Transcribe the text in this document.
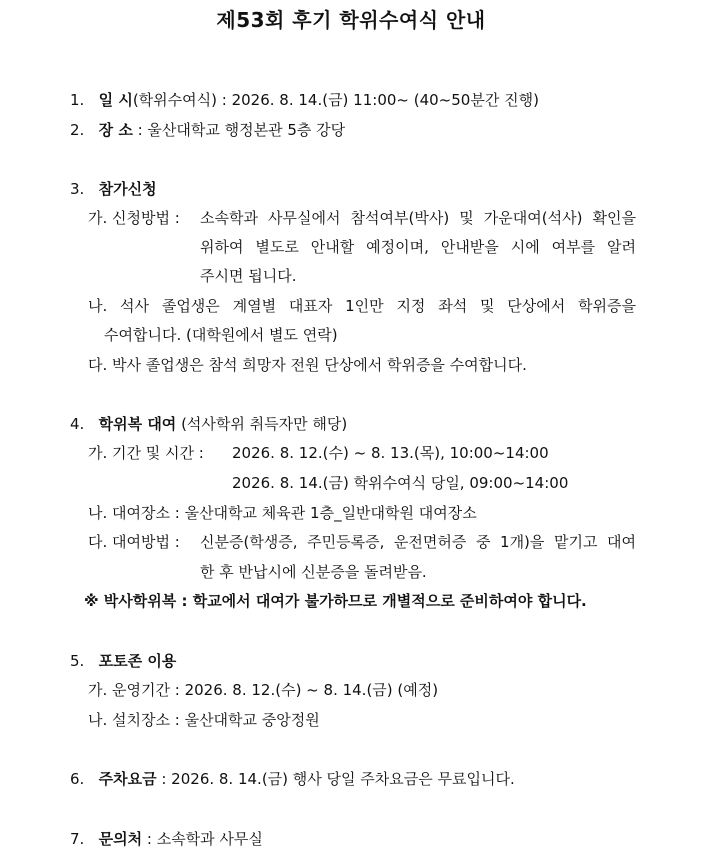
제53회 후기 학위수여식 안내
1. 일 시(학위수여식) : 2026. 8. 14.(금) 11:00~ (40~50분간 진행)
2. 장 소 : 울산대학교 행정본관 5층 강당
3. 참가신청
가. 신청방법 : 소속학과 사무실에서 참석여부(박사) 및 가운대여(석사) 확인을
위하여 별도로 안내할 예정이며, 안내받을 시에 여부를 알려
주시면 됩니다.
나. 석사 졸업생은 계열별 대표자 1인만 지정 좌석 및 단상에서 학위증을
수여합니다. (대학원에서 별도 연락)
다. 박사 졸업생은 참석 희망자 전원 단상에서 학위증을 수여합니다.
4. 학위복 대여 (석사학위 취득자만 해당)
가. 기간 및 시간 : 2026. 8. 12.(수) ~ 8. 13.(목), 10:00~14:00
2026. 8. 14.(금) 학위수여식 당일, 09:00~14:00
나. 대여장소 : 울산대학교 체육관 1층_일반대학원 대여장소
다. 대여방법 : 신분증(학생증, 주민등록증, 운전면허증 중 1개)을 맡기고 대여
한 후 반납시에 신분증을 돌려받음.
※ 박사학위복 : 학교에서 대여가 불가하므로 개별적으로 준비하여야 합니다.
5. 포토존 이용
가. 운영기간 : 2026. 8. 12.(수) ~ 8. 14.(금) (예정)
나. 설치장소 : 울산대학교 중앙정원
6. 주차요금 : 2026. 8. 14.(금) 행사 당일 주차요금은 무료입니다.
7. 문의처 : 소속학과 사무실
